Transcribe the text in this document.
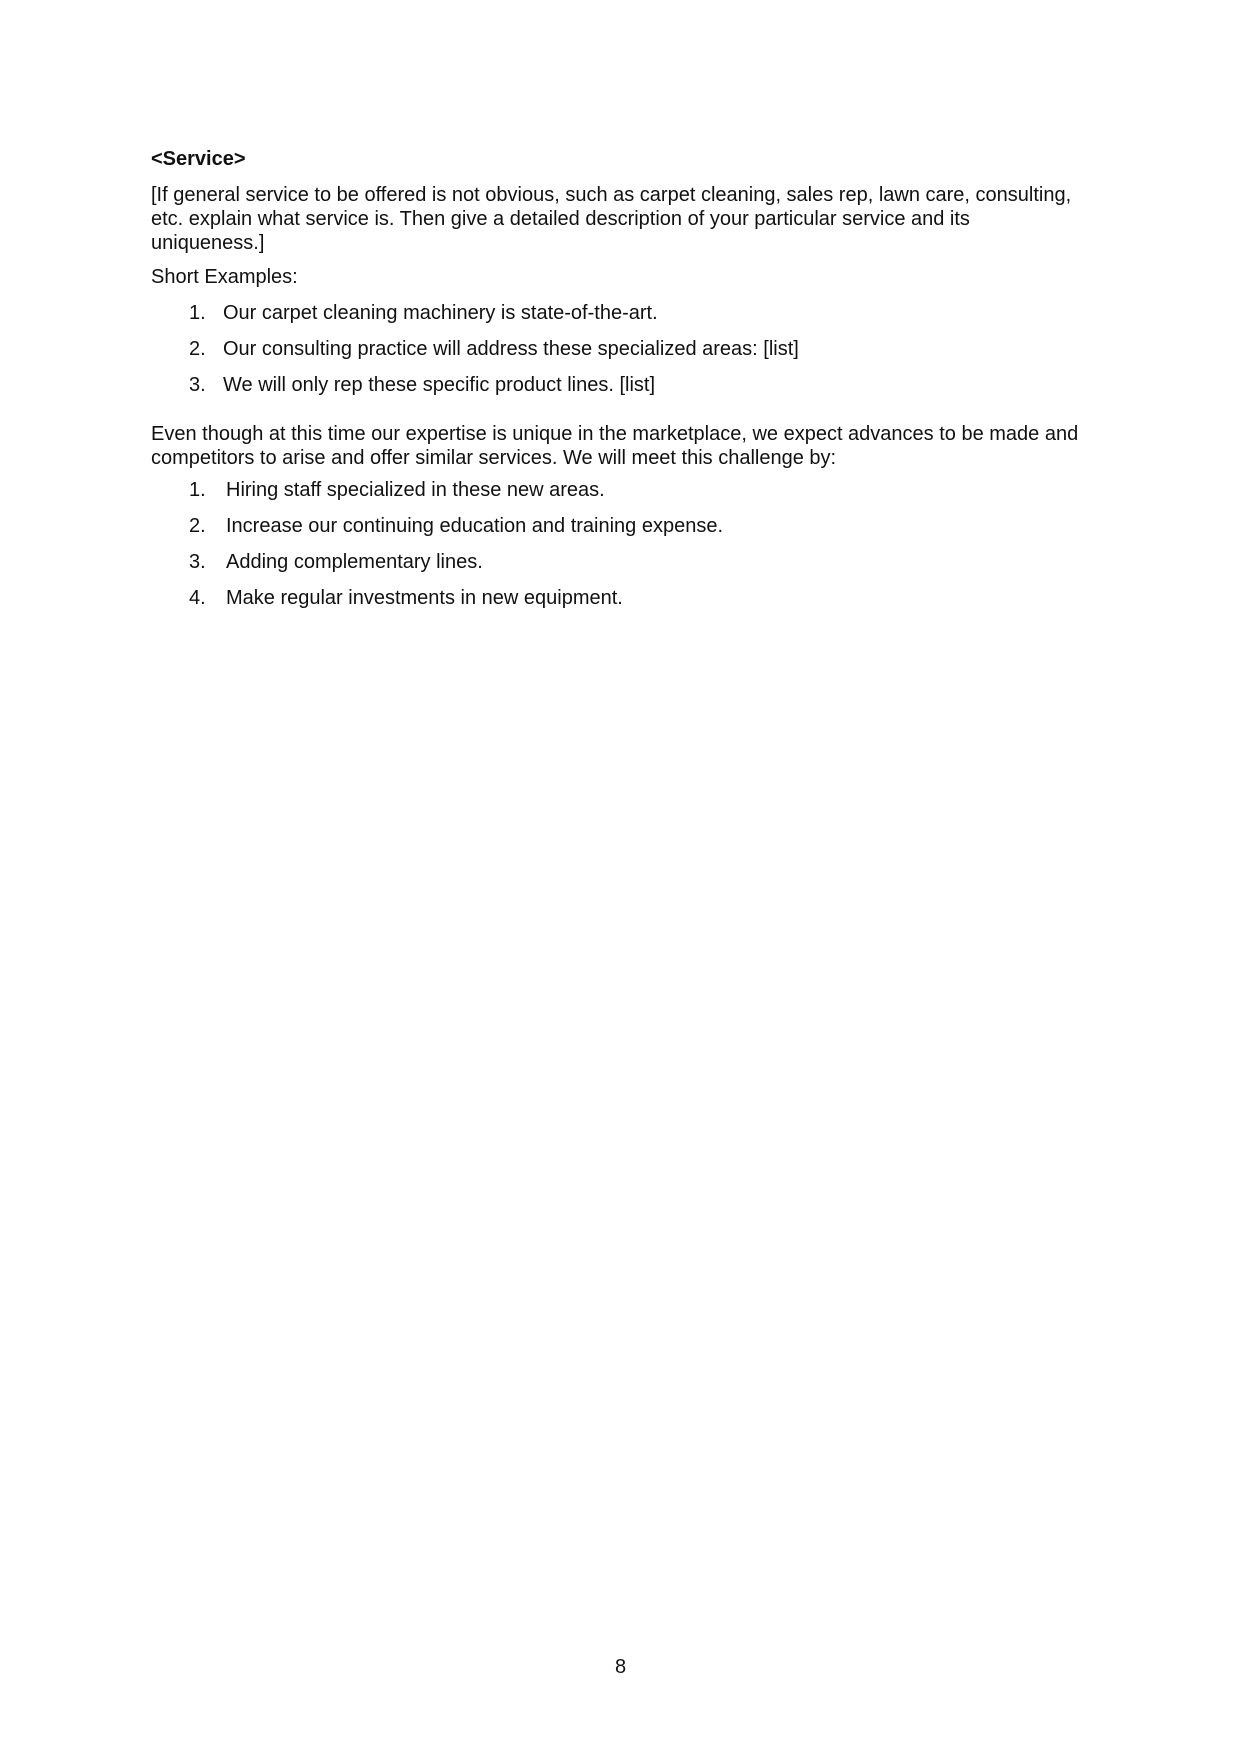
<Service>

[If general service to be offered is not obvious, such as carpet cleaning, sales rep, lawn care, consulting, etc. explain what service is. Then give a detailed description of your particular service and its uniqueness.]

Short Examples:

1. Our carpet cleaning machinery is state-of-the-art.
2. Our consulting practice will address these specialized areas: [list]
3. We will only rep these specific product lines. [list]

Even though at this time our expertise is unique in the marketplace, we expect advances to be made and competitors to arise and offer similar services. We will meet this challenge by:

1. Hiring staff specialized in these new areas.
2. Increase our continuing education and training expense.
3. Adding complementary lines.
4. Make regular investments in new equipment.
8
